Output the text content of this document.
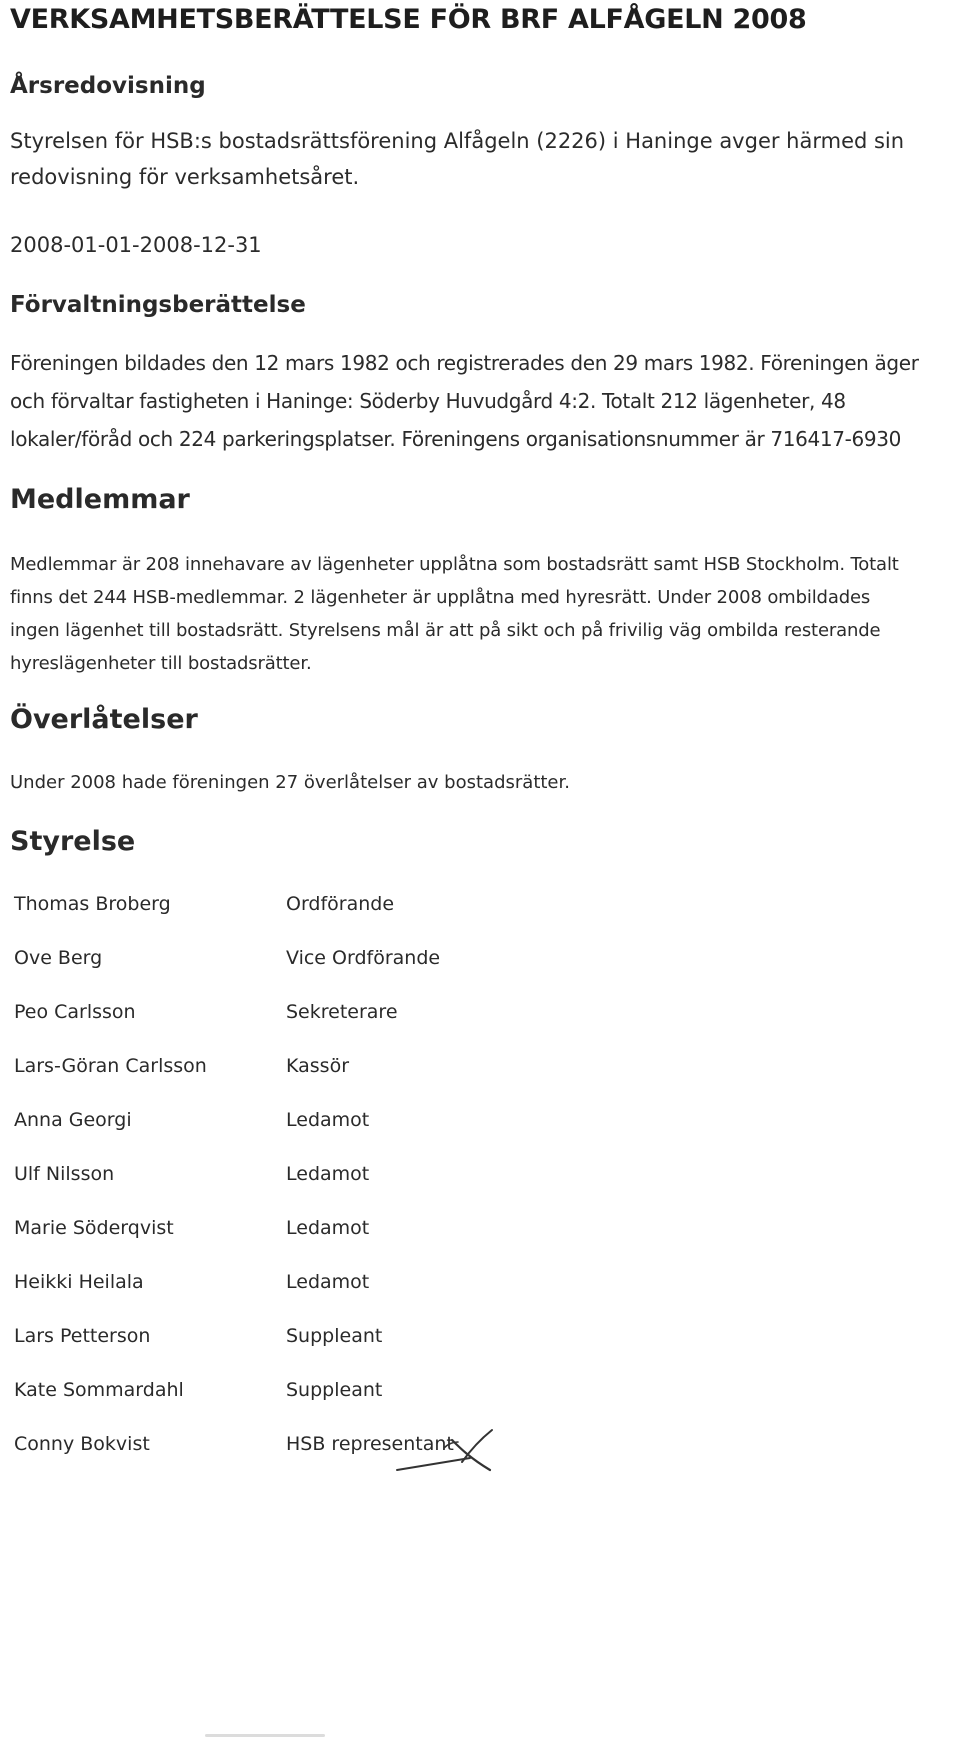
VERKSAMHETSBERÄTTELSE FÖR BRF ALFÅGELN 2008
Årsredovisning
Styrelsen för HSB:s bostadsrättsförening Alfågeln (2226) i Haninge avger härmed sin
redovisning för verksamhetsåret.
2008-01-01-2008-12-31
Förvaltningsberättelse
Föreningen bildades den 12 mars 1982 och registrerades den 29 mars 1982. Föreningen äger
och förvaltar fastigheten i Haninge: Söderby Huvudgård 4:2. Totalt 212 lägenheter, 48
lokaler/föråd och 224 parkeringsplatser. Föreningens organisationsnummer är 716417-6930
Medlemmar
Medlemmar är 208 innehavare av lägenheter upplåtna som bostadsrätt samt HSB Stockholm. Totalt
finns det 244 HSB-medlemmar. 2 lägenheter är upplåtna med hyresrätt. Under 2008 ombildades
ingen lägenhet till bostadsrätt. Styrelsens mål är att på sikt och på frivilig väg ombilda resterande
hyreslägenheter till bostadsrätter.
Överlåtelser
Under 2008 hade föreningen 27 överlåtelser av bostadsrätter.
Styrelse
Thomas Broberg	Ordförande
Ove Berg	Vice Ordförande
Peo Carlsson	Sekreterare
Lars-Göran Carlsson	Kassör
Anna Georgi	Ledamot
Ulf Nilsson	Ledamot
Marie Söderqvist	Ledamot
Heikki Heilala	Ledamot
Lars Petterson	Suppleant
Kate Sommardahl	Suppleant
Conny Bokvist	HSB representant
